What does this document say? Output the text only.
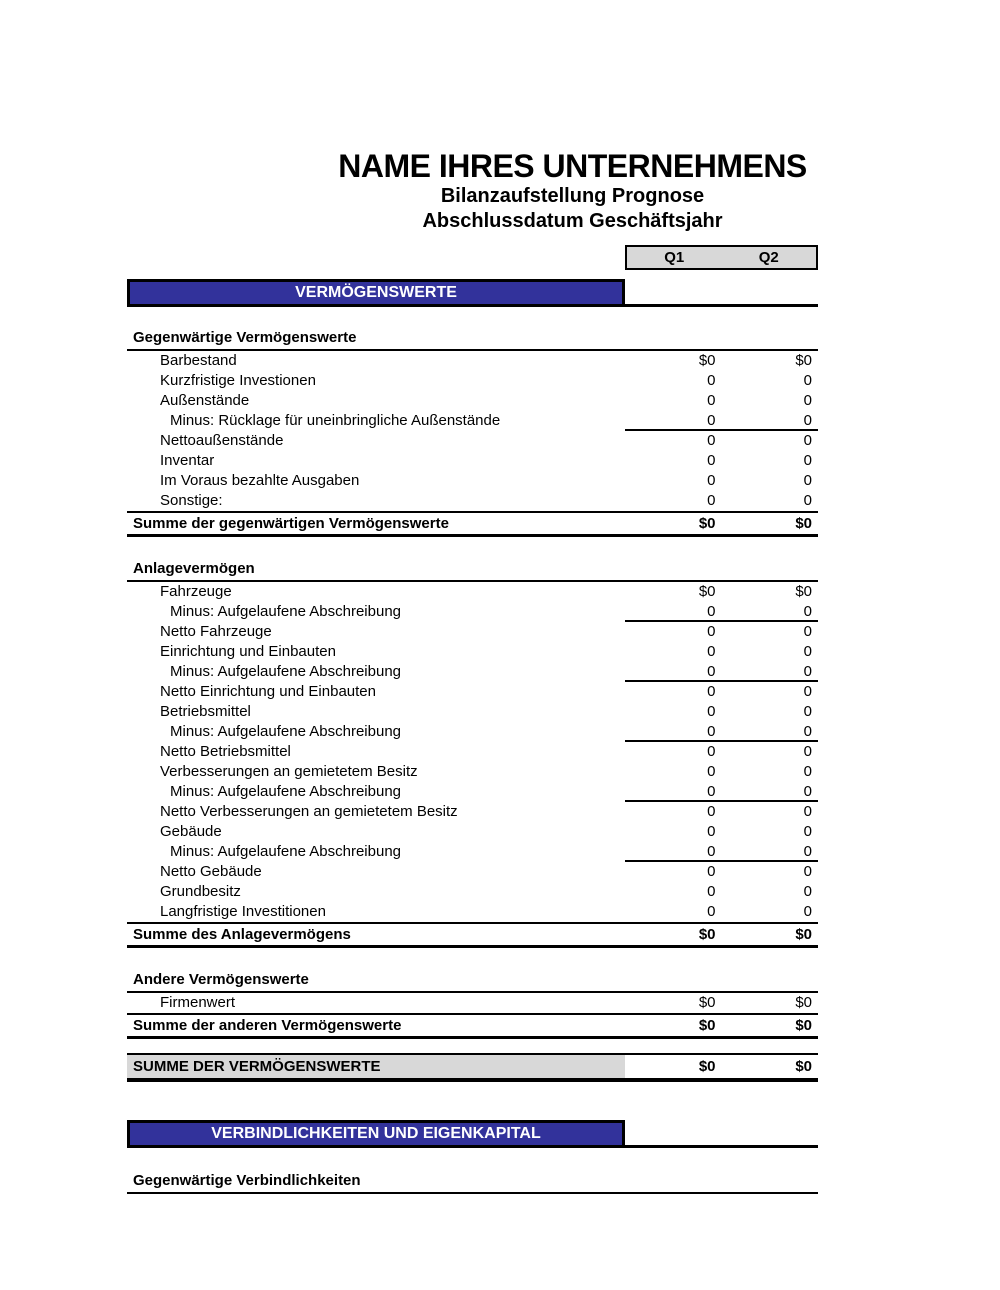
NAME IHRES UNTERNEHMENS
Bilanzaufstellung Prognose
Abschlussdatum Geschäftsjahr
Q1	Q2
VERMÖGENSWERTE
Gegenwärtige Vermögenswerte
Barbestand	$0	$0
Kurzfristige Investionen	0	0
Außenstände	0	0
Minus: Rücklage für uneinbringliche Außenstände	0	0
Nettoaußenstände	0	0
Inventar	0	0
Im Voraus bezahlte Ausgaben	0	0
Sonstige:	0	0
Summe der gegenwärtigen Vermögenswerte	$0	$0
Anlagevermögen
Fahrzeuge	$0	$0
Minus: Aufgelaufene Abschreibung	0	0
Netto Fahrzeuge	0	0
Einrichtung und Einbauten	0	0
Minus: Aufgelaufene Abschreibung	0	0
Netto Einrichtung und Einbauten	0	0
Betriebsmittel	0	0
Minus: Aufgelaufene Abschreibung	0	0
Netto Betriebsmittel	0	0
Verbesserungen an gemietetem Besitz	0	0
Minus: Aufgelaufene Abschreibung	0	0
Netto Verbesserungen an gemietetem Besitz	0	0
Gebäude	0	0
Minus: Aufgelaufene Abschreibung	0	0
Netto Gebäude	0	0
Grundbesitz	0	0
Langfristige Investitionen	0	0
Summe des Anlagevermögens	$0	$0
Andere Vermögenswerte
Firmenwert	$0	$0
Summe der anderen Vermögenswerte	$0	$0
SUMME DER VERMÖGENSWERTE	$0	$0
VERBINDLICHKEITEN UND EIGENKAPITAL
Gegenwärtige Verbindlichkeiten
